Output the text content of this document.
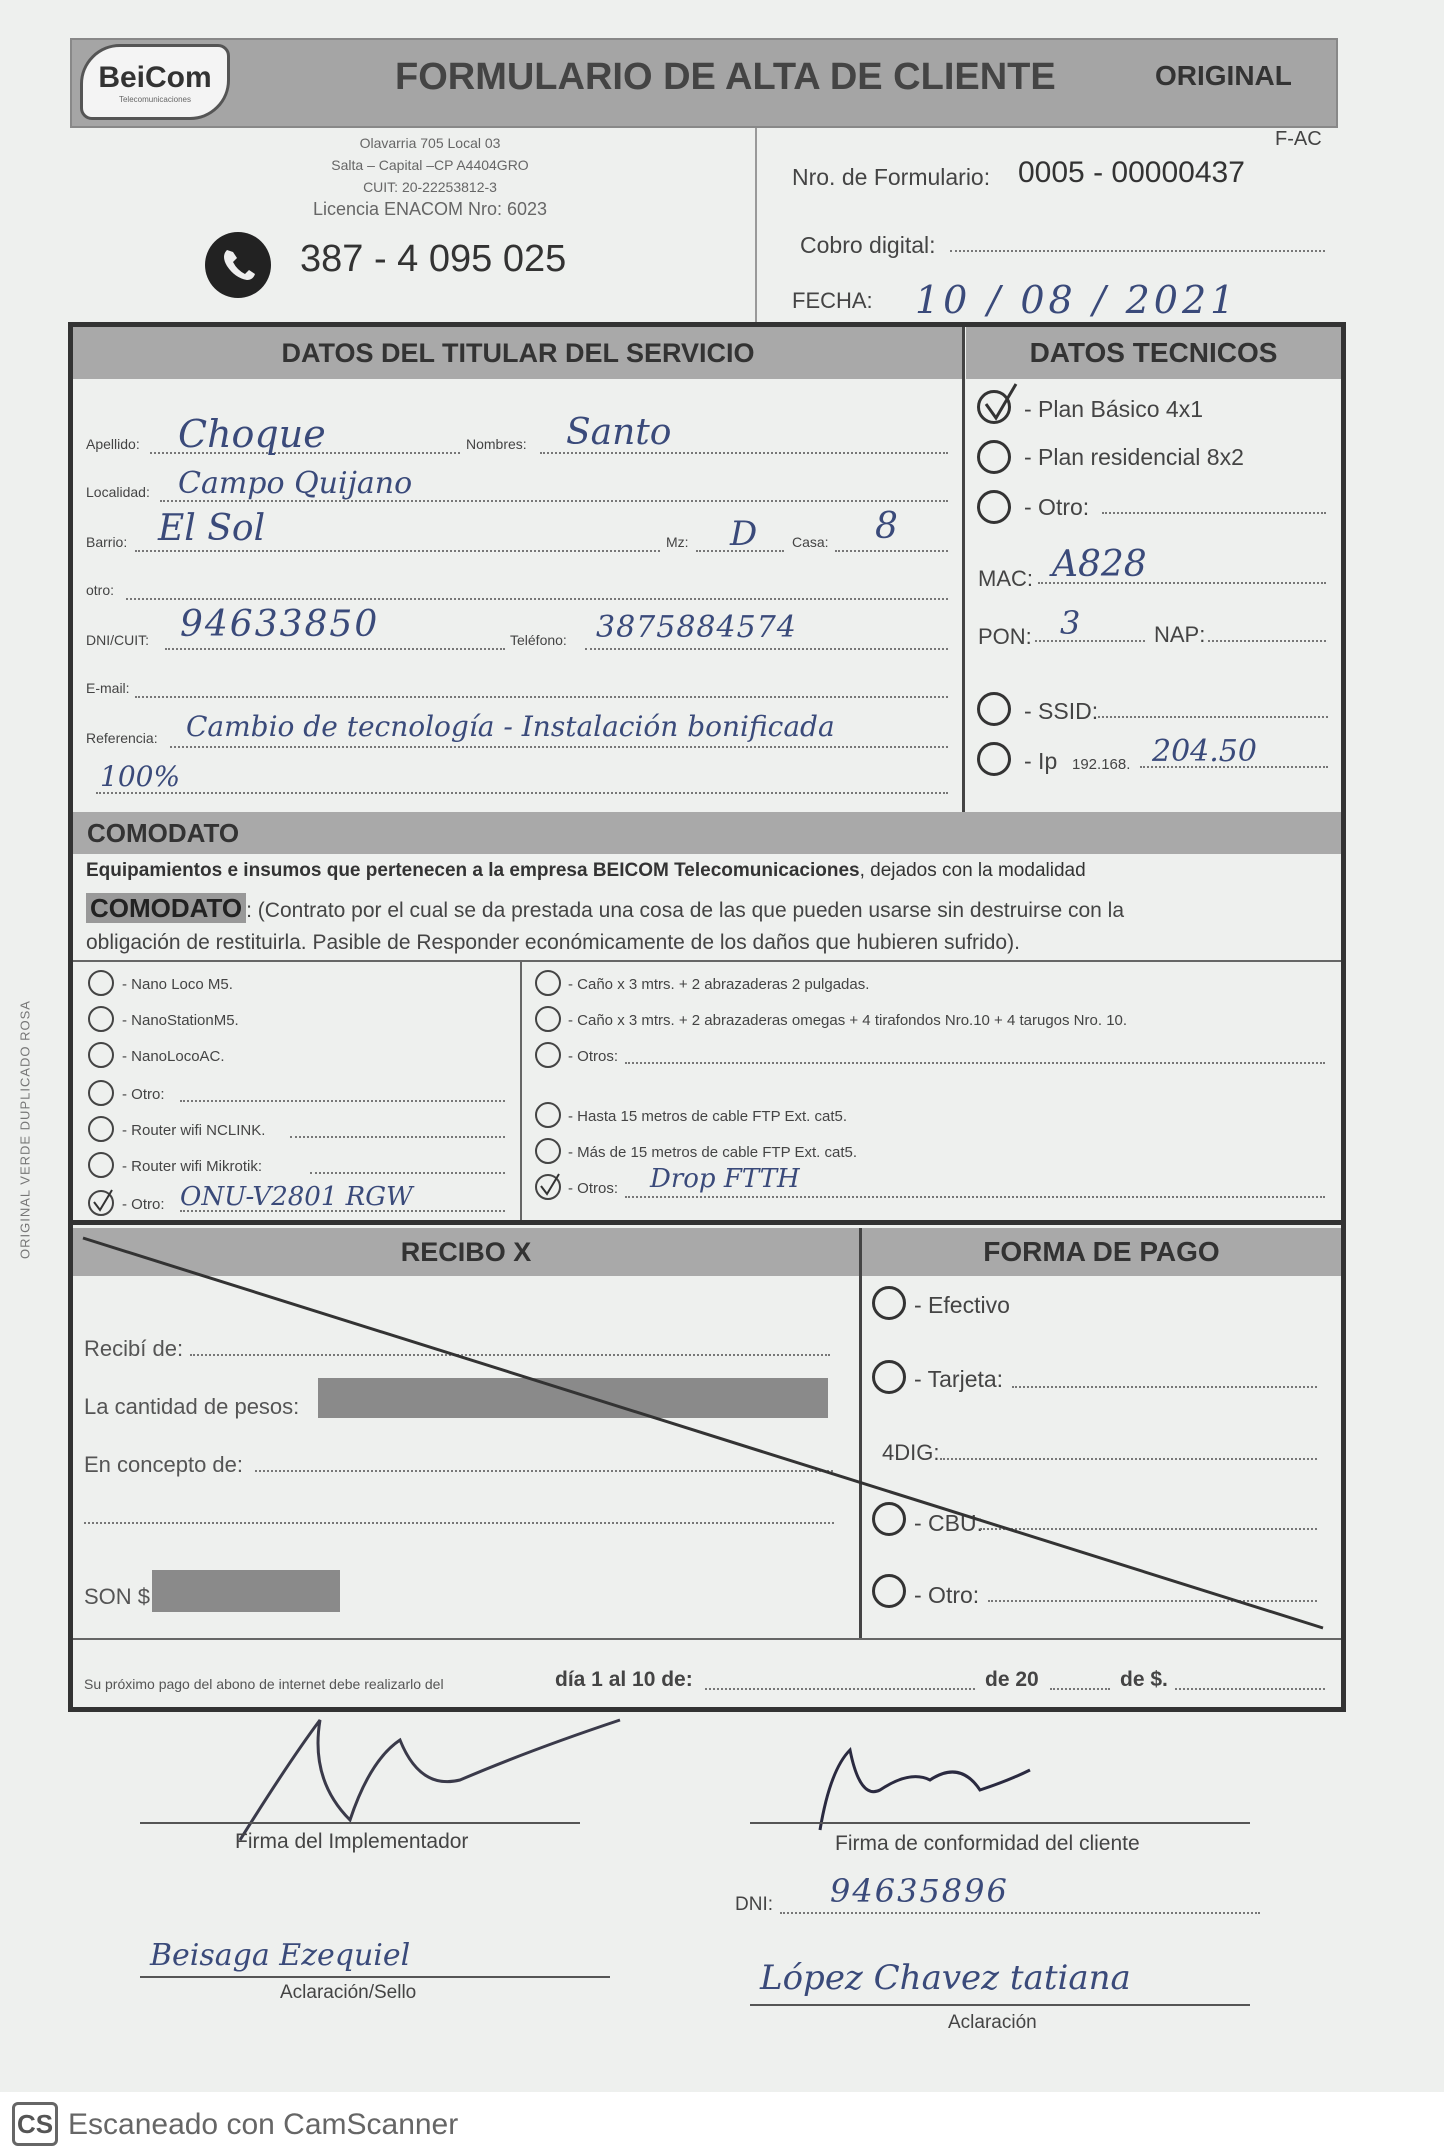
BeiCom
Telecomunicaciones
FORMULARIO DE ALTA DE CLIENTE	ORIGINAL
F-AC
Olavarria 705 Local 03
Salta – Capital –CP A4404GRO
CUIT: 20-22253812-3
Licencia ENACOM Nro: 6023
387 - 4 095 025
Nro. de Formulario: 0005 - 00000437
Cobro digital:
FECHA: 10 / 08 / 2021
DATOS DEL TITULAR DEL SERVICIO	DATOS TECNICOS
Apellido: Choque	Nombres: Santo
Localidad: Campo Quijano
Barrio: El Sol	Mz: D Casa: 8
otro:
DNI/CUIT: 94633850	Teléfono: 3875884574
E-mail:
Referencia: Cambio de tecnología - Instalación bonificada
100%
- Plan Básico 4x1
- Plan residencial 8x2
- Otro:
MAC: A828
PON: 3	NAP:
- SSID:
- Ip 192.168. 204.50
COMODATO
Equipamientos e insumos que pertenecen a la empresa BEICOM Telecomunicaciones, dejados con la modalidad
COMODATO : (Contrato por el cual se da prestada una cosa de las que pueden usarse sin destruirse con la
obligación de restituirla. Pasible de Responder económicamente de los daños que hubieren sufrido).
- Nano Loco M5.
- NanoStationM5.
- NanoLocoAC.
- Otro:
- Router wifi NCLINK.
- Router wifi Mikrotik:
- Otro: ONU-V2801 RGW
- Caño x 3 mtrs. + 2 abrazaderas 2 pulgadas.
- Caño x 3 mtrs. + 2 abrazaderas omegas + 4 tirafondos Nro.10 + 4 tarugos Nro. 10.
- Otros:
- Hasta 15 metros de cable FTP Ext. cat5.
- Más de 15 metros de cable FTP Ext. cat5.
- Otros: Drop FTTH
RECIBO X	FORMA DE PAGO
Recibí de:
La cantidad de pesos:
En concepto de:
SON $
- Efectivo
- Tarjeta:
4DIG:
- CBU:
- Otro:
Su próximo pago del abono de internet debe realizarlo del	día 1 al 10 de:	de 20	de $.
Firma del Implementador	Firma de conformidad del cliente
DNI: 94635896
Beisaga Ezequiel
Aclaración/Sello	López Chavez tatiana
Aclaración
ORIGINAL VERDE DUPLICADO ROSA
CS Escaneado con CamScanner
